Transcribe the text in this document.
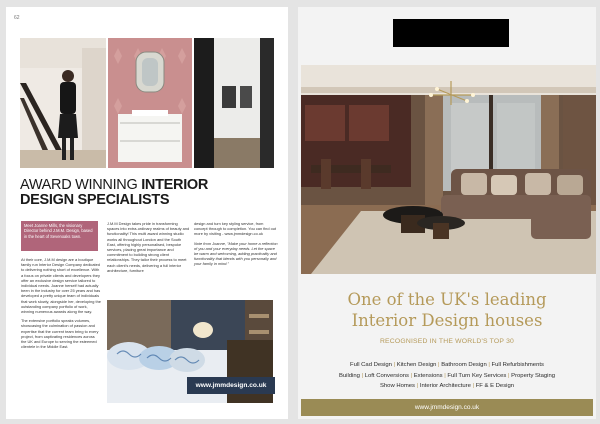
62
AWARD WINNING INTERIOR
DESIGN SPECIALISTS
Meet Joanne Mills, the visionary Director behind J.M.M. Design, based in the heart of Sevenoaks town.

At their core, J.M.M design are a boutique family run Interior Design Company dedicated to delivering nothing short of excellence. With a focus on private clients and developers they offer an exclusive design service tailored to individual needs. Joanne herself had actually been in the industry for over 25 years and has developed a pretty unique team of individuals that work slowly, alongside her, developing the outstanding company portfolio of work, winning numerous awards along the way.

The extensive portfolio speaks volumes, showcasing the culmination of passion and expertise that the current team bring to every project, from captivating residences across the UK and Europe to serving the esteemed clientele in the Middle East.

J.M.M Design takes pride in transforming spaces into extra-ordinary realms of beauty and functionality! This multi award winning studio works all throughout London and the South East, offering highly personalised, bespoke services, placing great importance and commitment to building strong client relationships. They tailor their process to meet each client's needs, delivering a full interior architecture, furniture

design and turn key styling service, from concept through to completion. You can find out more by visiting - www.jmmdesign.co.uk

Note from Joanne, "Make your home a reflection of you and your everyday needs. Let the space be warm and welcoming, adding practicality and functionality that blends with you personally and your family in mind."

www.jmmdesign.co.uk
One of the UK's leading
Interior Design houses
RECOGNISED IN THE WORLD'S TOP 30
Full Cad Design | Kitchen Design | Bathroom Design | Full Refurbishments
Building | Loft Conversions | Extensions | Full Turn Key Services | Property Staging
Show Homes | Interior Architecture | FF & E Design
www.jmmdesign.co.uk
